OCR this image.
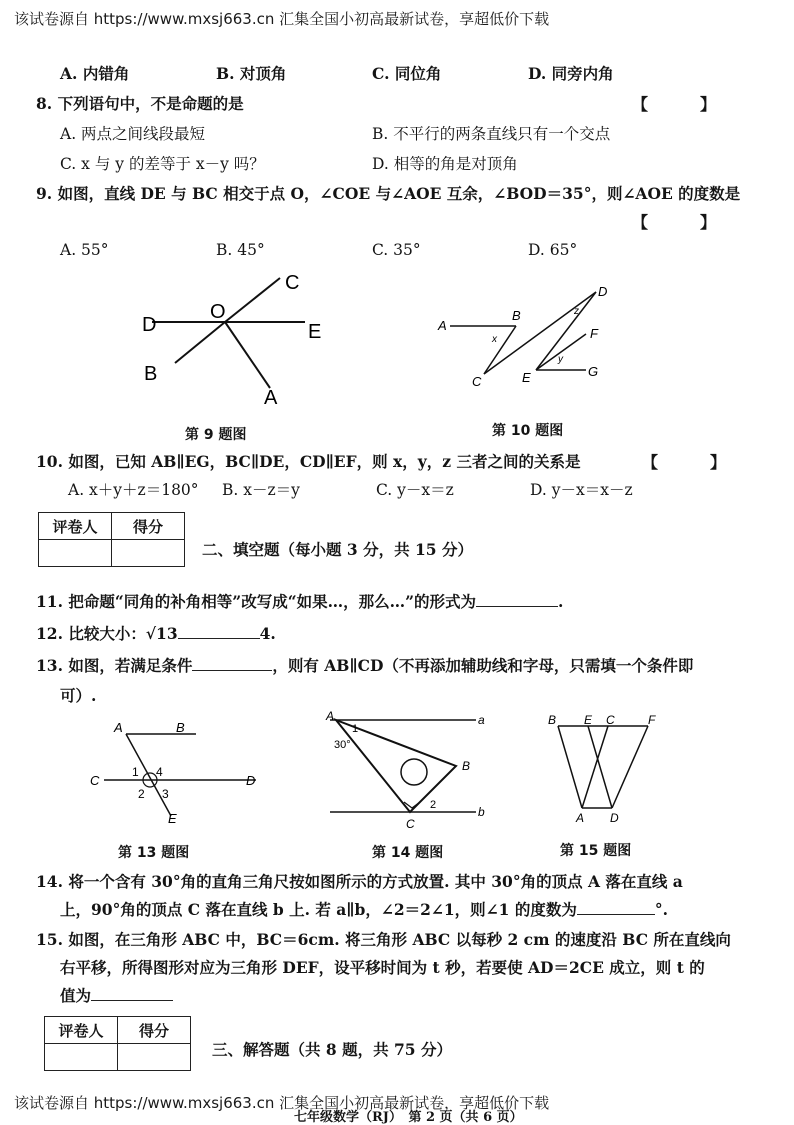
该试卷源自 https://www.mxsj663.cn 汇集全国小初高最新试卷，享超低价下载
A. 内错角	B. 对顶角	C. 同位角	D. 同旁内角
8. 下列语句中，不是命题的是	【　】
A. 两点之间线段最短	B. 不平行的两条直线只有一个交点
C. x 与 y 的差等于 x－y 吗？	D. 相等的角是对顶角
9. 如图，直线 DE 与 BC 相交于点 O，∠COE 与∠AOE 互余，∠BOD＝35°，则∠AOE 的度数是
【　】
A. 55°	B. 45°	C. 35°	D. 65°
C
D
O
E
B
A
第 9 题图
A
B
C
D
E
F
G
x
y
z
第 10 题图
10. 如图，已知 AB∥EG，BC∥DE，CD∥EF，则 x，y，z 三者之间的关系是	【　】
A. x＋y＋z＝180° B. x－z＝y	C. y－x＝z	D. y－x＝x－z
评卷人	得分

二、填空题（每小题 3 分，共 15 分）
11. 把命题“同角的补角相等”改写成“如果…，那么…”的形式为	.
12. 比较大小：√13	4.
13. 如图，若满足条件	，则有 AB∥CD（不再添加辅助线和字母，只需填一个条件即
可）.
A	B
C	D
E
1 4
2 3
第 13 题图
A	a
B
C
b
1
30°
2
第 14 题图
B E C	F
A D
第 15 题图
14. 将一个含有 30°角的直角三角尺按如图所示的方式放置. 其中 30°角的顶点 A 落在直线 a
上，90°角的顶点 C 落在直线 b 上. 若 a∥b，∠2＝2∠1，则∠1 的度数为	°.
15. 如图，在三角形 ABC 中，BC＝6cm. 将三角形 ABC 以每秒 2 cm 的速度沿 BC 所在直线向
右平移，所得图形对应为三角形 DEF，设平移时间为 t 秒，若要使 AD＝2CE 成立，则 t 的
值为
评卷人	得分

三、解答题（共 8 题，共 75 分）
七年级数学（RJ）　第 2 页（共 6 页）
该试卷源自 https://www.mxsj663.cn 汇集全国小初高最新试卷，享超低价下载
